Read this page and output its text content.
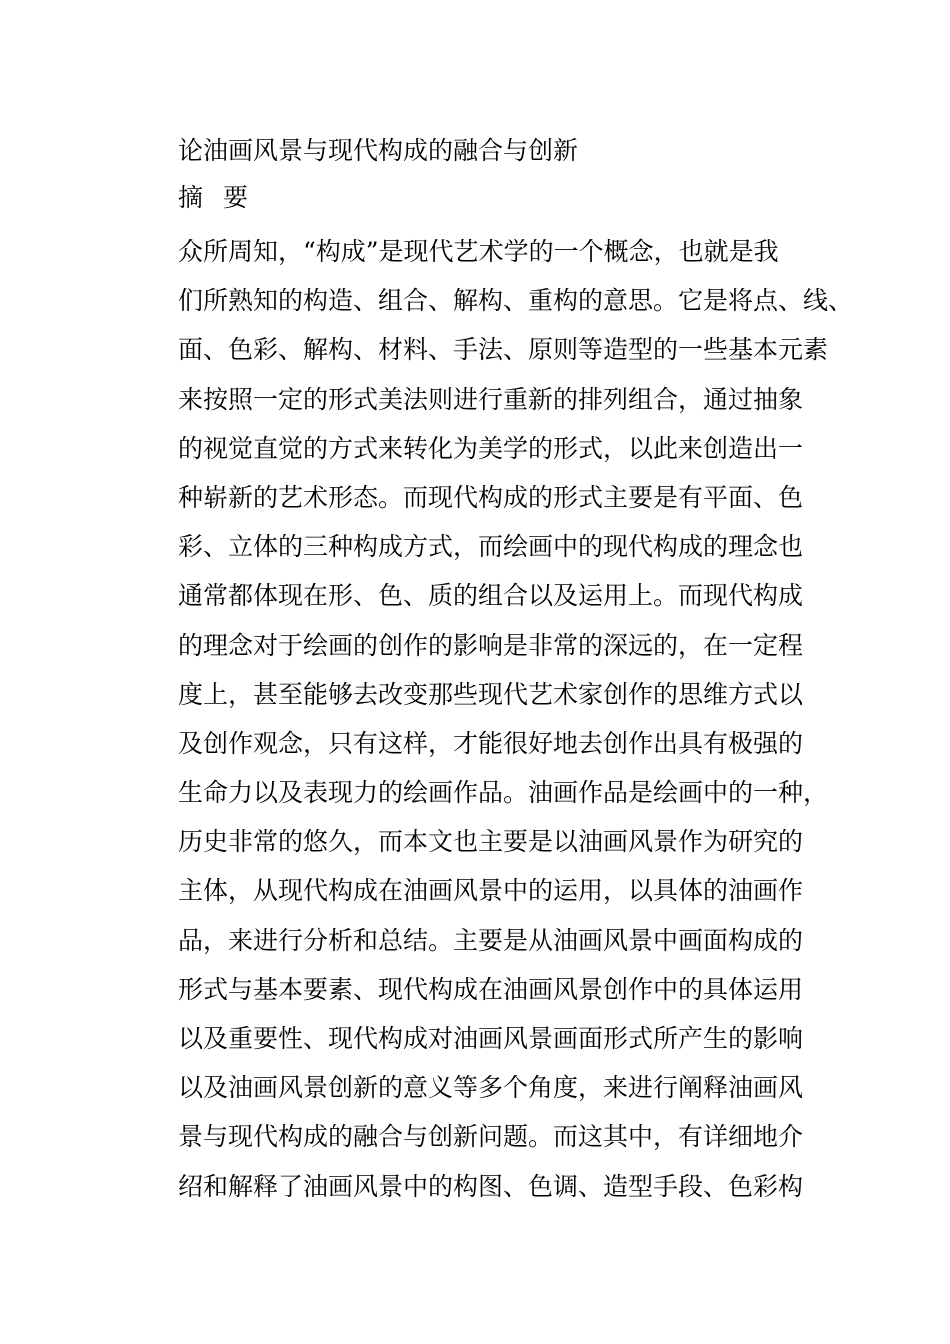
论油画风景与现代构成的融合与创新
摘 要
众所周知，“构成”是现代艺术学的一个概念，也就是我
们所熟知的构造、组合、解构、重构的意思。它是将点、线、
面、色彩、解构、材料、手法、原则等造型的一些基本元素
来按照一定的形式美法则进行重新的排列组合，通过抽象
的视觉直觉的方式来转化为美学的形式，以此来创造出一
种崭新的艺术形态。而现代构成的形式主要是有平面、色
彩、立体的三种构成方式，而绘画中的现代构成的理念也
通常都体现在形、色、质的组合以及运用上。而现代构成
的理念对于绘画的创作的影响是非常的深远的，在一定程
度上，甚至能够去改变那些现代艺术家创作的思维方式以
及创作观念，只有这样，才能很好地去创作出具有极强的
生命力以及表现力的绘画作品。油画作品是绘画中的一种，
历史非常的悠久，而本文也主要是以油画风景作为研究的
主体，从现代构成在油画风景中的运用，以具体的油画作
品，来进行分析和总结。主要是从油画风景中画面构成的
形式与基本要素、现代构成在油画风景创作中的具体运用
以及重要性、现代构成对油画风景画面形式所产生的影响
以及油画风景创新的意义等多个角度，来进行阐释油画风
景与现代构成的融合与创新问题。而这其中，有详细地介
绍和解释了油画风景中的构图、色调、造型手段、色彩构
